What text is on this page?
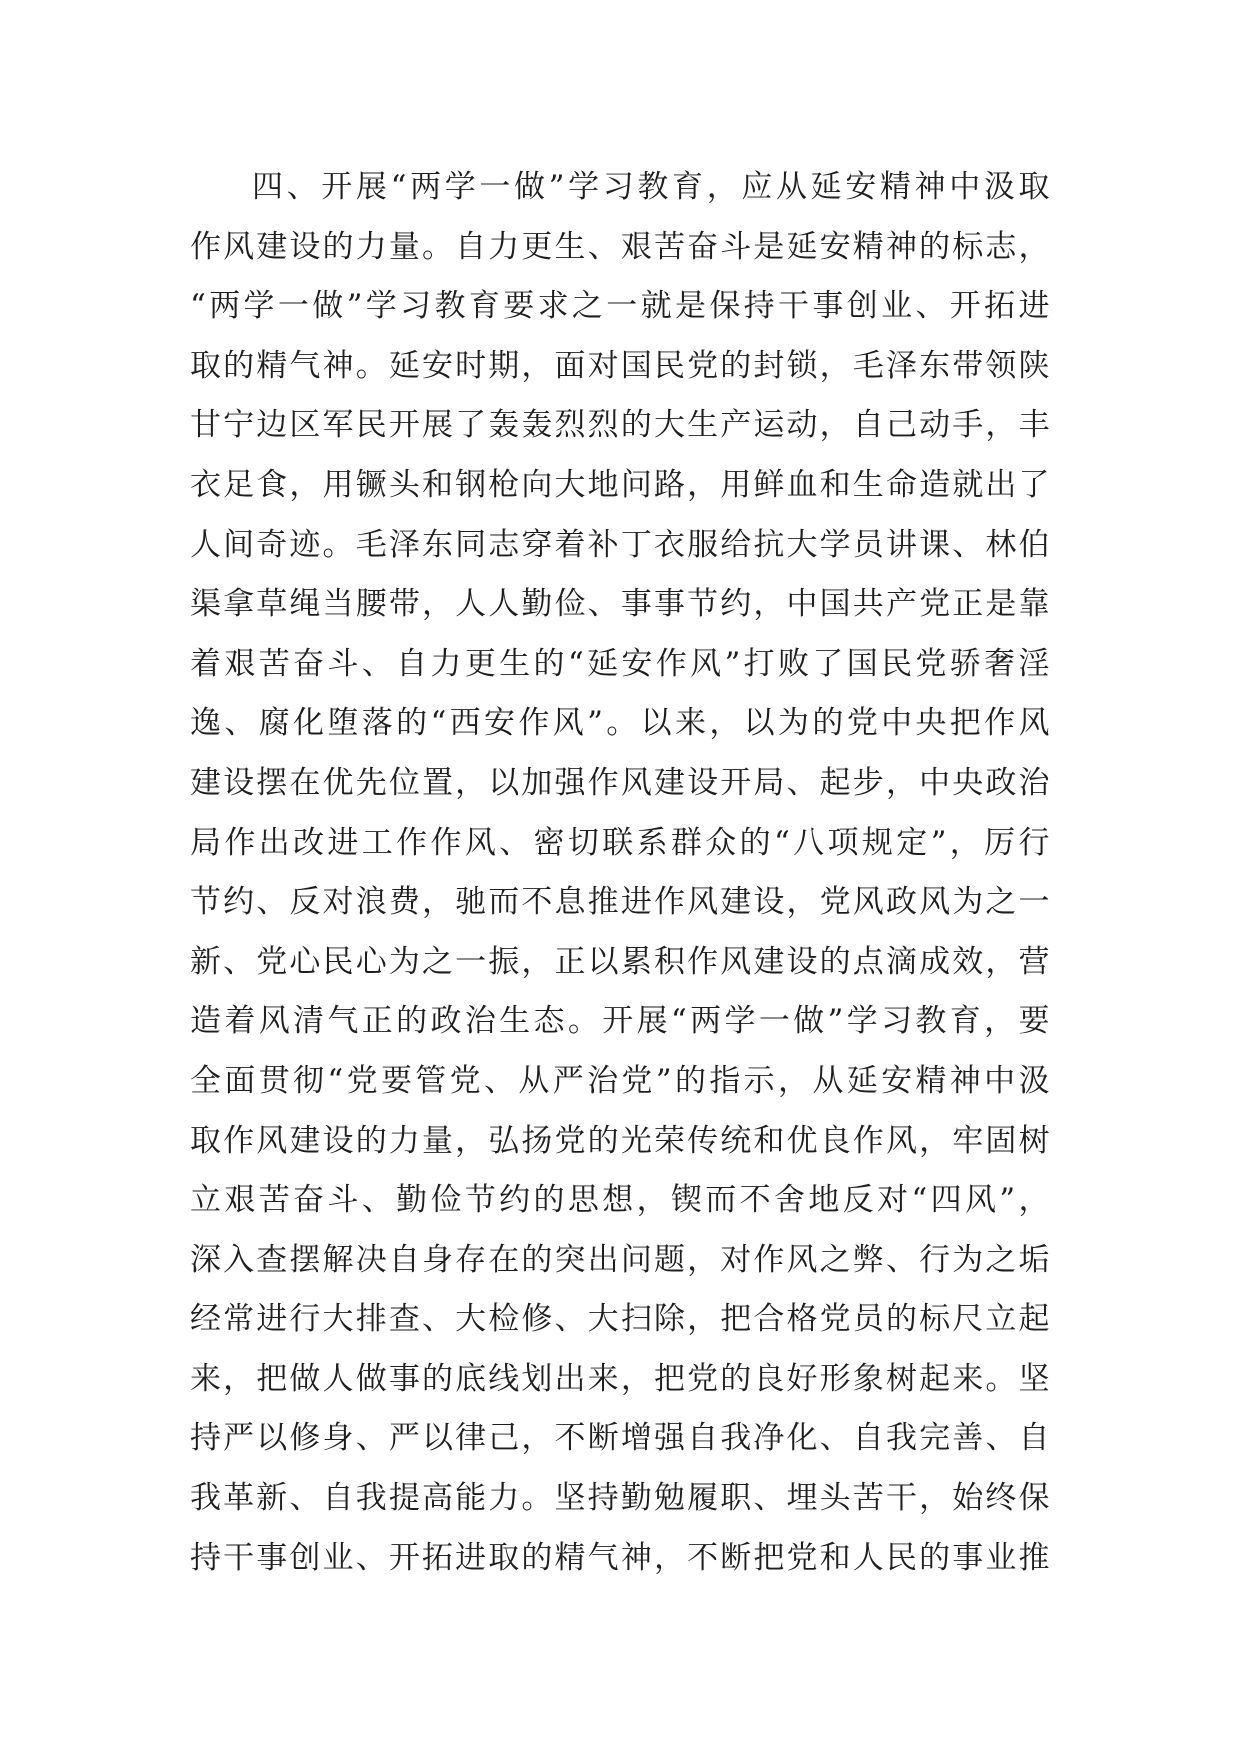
四、开展“两学一做”学习教育，应从延安精神中汲取
作风建设的力量。自力更生、艰苦奋斗是延安精神的标志，
“两学一做”学习教育要求之一就是保持干事创业、开拓进
取的精气神。延安时期，面对国民党的封锁，毛泽东带领陕
甘宁边区军民开展了轰轰烈烈的大生产运动，自己动手，丰
衣足食，用镢头和钢枪向大地问路，用鲜血和生命造就出了
人间奇迹。毛泽东同志穿着补丁衣服给抗大学员讲课、林伯
渠拿草绳当腰带，人人勤俭、事事节约，中国共产党正是靠
着艰苦奋斗、自力更生的“延安作风”打败了国民党骄奢淫
逸、腐化堕落的“西安作风”。以来，以为的党中央把作风
建设摆在优先位置，以加强作风建设开局、起步，中央政治
局作出改进工作作风、密切联系群众的“八项规定”，厉行
节约、反对浪费，驰而不息推进作风建设，党风政风为之一
新、党心民心为之一振，正以累积作风建设的点滴成效，营
造着风清气正的政治生态。开展“两学一做”学习教育，要
全面贯彻“党要管党、从严治党”的指示，从延安精神中汲
取作风建设的力量，弘扬党的光荣传统和优良作风，牢固树
立艰苦奋斗、勤俭节约的思想，锲而不舍地反对“四风”，
深入查摆解决自身存在的突出问题，对作风之弊、行为之垢
经常进行大排查、大检修、大扫除，把合格党员的标尺立起
来，把做人做事的底线划出来，把党的良好形象树起来。坚
持严以修身、严以律己，不断增强自我净化、自我完善、自
我革新、自我提高能力。坚持勤勉履职、埋头苦干，始终保
持干事创业、开拓进取的精气神，不断把党和人民的事业推
